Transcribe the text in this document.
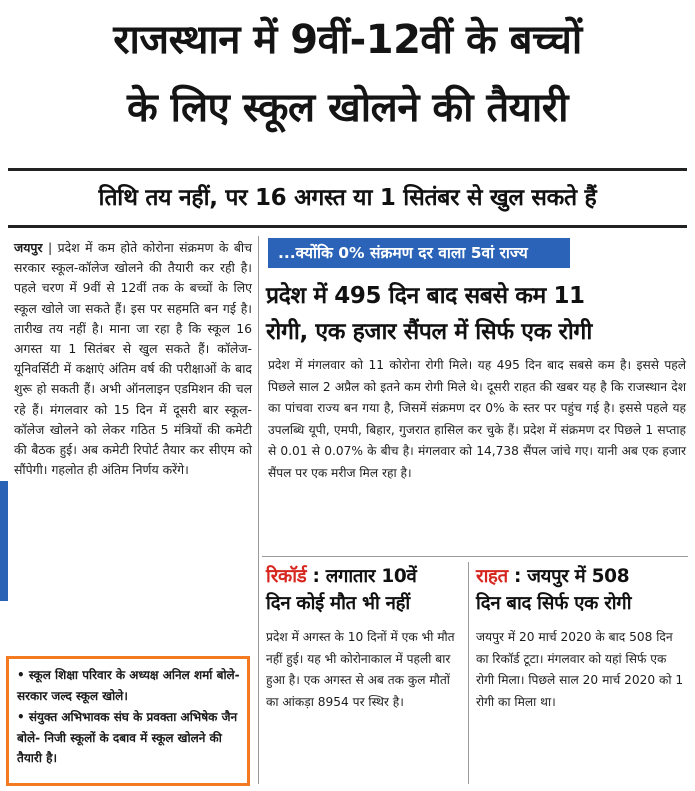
राजस्थान में 9वीं-12वीं के बच्चों
के लिए स्कूल खोलने की तैयारी
तिथि तय नहीं, पर 16 अगस्त या 1 सितंबर से खुल सकते हैं
जयपुर | प्रदेश में कम होते कोरोना संक्रमण के बीच सरकार स्कूल-कॉलेज खोलने की तैयारी कर रही है। पहले चरण में 9वीं से 12वीं तक के बच्चों के लिए स्कूल खोले जा सकते हैं। इस पर सहमति बन गई है। तारीख तय नहीं है। माना जा रहा है कि स्कूल 16 अगस्त या 1 सितंबर से खुल सकते हैं। कॉलेज-यूनिवर्सिटी में कक्षाएं अंतिम वर्ष की परीक्षाओं के बाद शुरू हो सकती हैं। अभी ऑनलाइन एडमिशन की चल रहे हैं। मंगलवार को 15 दिन में दूसरी बार स्कूल-कॉलेज खोलने को लेकर गठित 5 मंत्रियों की कमेटी की बैठक हुई। अब कमेटी रिपोर्ट तैयार कर सीएम को सौंपेगी। गहलोत ही अंतिम निर्णय करेंगे।

• स्कूल शिक्षा परिवार के अध्यक्ष अनिल शर्मा बोले- सरकार जल्द स्कूल खोले।

• संयुक्त अभिभावक संघ के प्रवक्ता अभिषेक जैन बोले- निजी स्कूलों के दबाव में स्कूल खोलने की तैयारी है।

...क्योंकि 0% संक्रमण दर वाला 5वां राज्य
प्रदेश में 495 दिन बाद सबसे कम 11
रोगी, एक हजार सैंपल में सिर्फ एक रोगी
प्रदेश में मंगलवार को 11 कोरोना रोगी मिले। यह 495 दिन बाद सबसे कम है। इससे पहले पिछले साल 2 अप्रैल को इतने कम रोगी मिले थे। दूसरी राहत की खबर यह है कि राजस्थान देश का पांचवा राज्य बन गया है, जिसमें संक्रमण दर 0% के स्तर पर पहुंच गई है। इससे पहले यह उपलब्धि यूपी, एमपी, बिहार, गुजरात हासिल कर चुके हैं। प्रदेश में संक्रमण दर पिछले 1 सप्ताह से 0.01 से 0.07% के बीच है। मंगलवार को 14,738 सैंपल जांचे गए। यानी अब एक हजार सैंपल पर एक मरीज मिल रहा है।
रिकॉर्ड : लगातार 10वें
दिन कोई मौत भी नहीं
प्रदेश में अगस्त के 10 दिनों में एक भी मौत नहीं हुई। यह भी कोरोनाकाल में पहली बार हुआ है। एक अगस्त से अब तक कुल मौतों का आंकड़ा 8954 पर स्थिर है।
राहत : जयपुर में 508
दिन बाद सिर्फ एक रोगी
जयपुर में 20 मार्च 2020 के बाद 508 दिन का रिकॉर्ड टूटा। मंगलवार को यहां सिर्फ एक रोगी मिला। पिछले साल 20 मार्च 2020 को 1 रोगी का मिला था।
